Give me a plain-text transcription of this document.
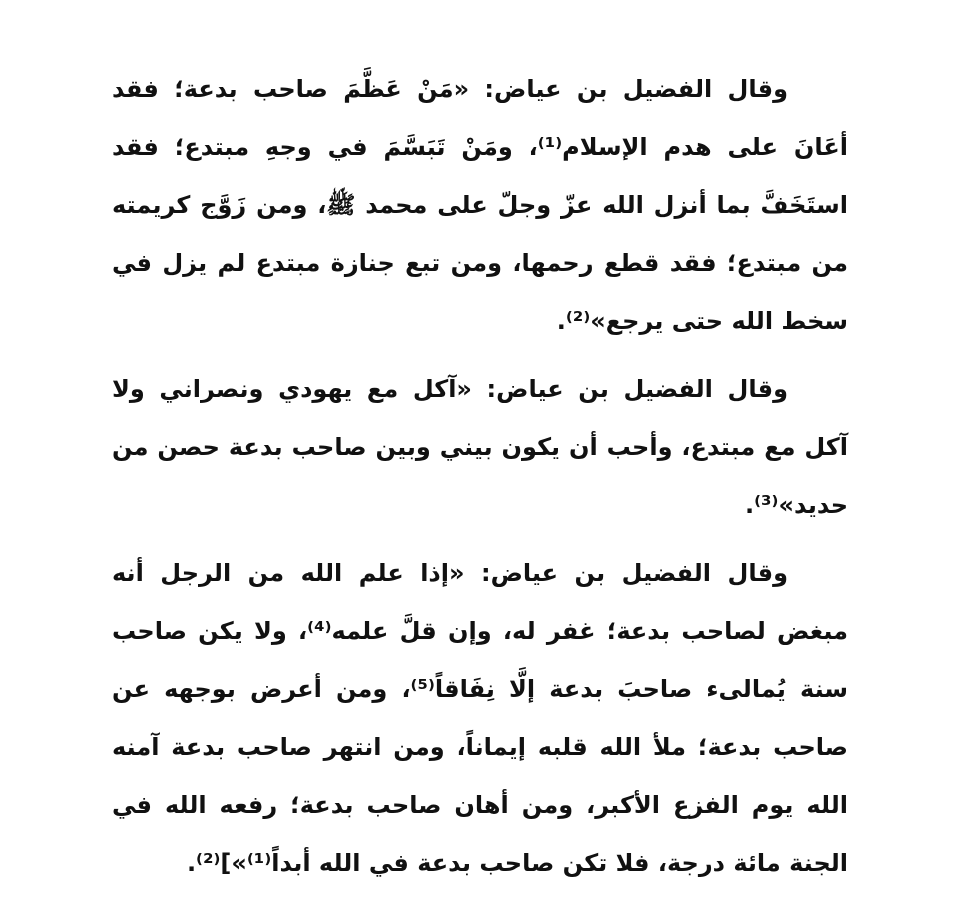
وقال الفضيل بن عياض: «مَنْ عَظَّمَ صاحب بدعة؛ فقد أعَانَ على هدم الإسلام⁽¹⁾، ومَنْ تَبَسَّمَ في وجهِ مبتدع؛ فقد استَخَفَّ بما أنزل الله عزّ وجلّ على محمد ﷺ، ومن زَوَّج كريمته من مبتدع؛ فقد قطع رحمها، ومن تبع جنازة مبتدع لم يزل في سخط الله حتى يرجع»⁽²⁾.

وقال الفضيل بن عياض: «آكل مع يهودي ونصراني ولا آكل مع مبتدع، وأحب أن يكون بيني وبين صاحب بدعة حصن من حديد»⁽³⁾.

وقال الفضيل بن عياض: «إذا علم الله من الرجل أنه مبغض لصاحب بدعة؛ غفر له، وإن قلَّ علمه⁽⁴⁾، ولا يكن صاحب سنة يُمالىء صاحبَ بدعة إلَّا نِفَاقاً⁽⁵⁾، ومن أعرض بوجهه عن صاحب بدعة؛ ملأ الله قلبه إيماناً، ومن انتهر صاحب بدعة آمنه الله يوم الفزع الأكبر، ومن أهان صاحب بدعة؛ رفعه الله في الجنة مائة درجة، فلا تكن صاحب بدعة في الله أبداً⁽¹⁾»]⁽²⁾.
